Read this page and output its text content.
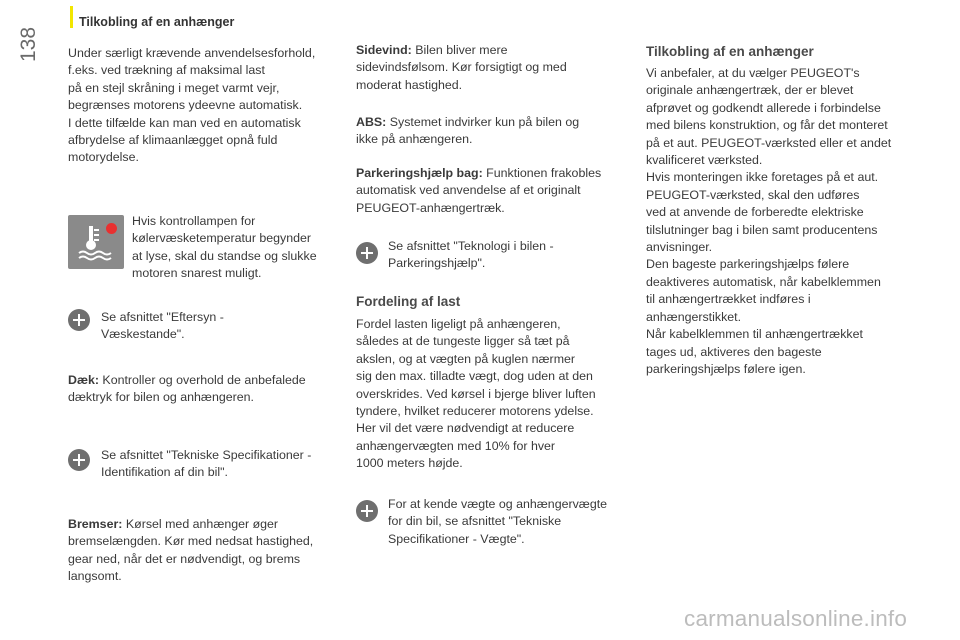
Tilkobling af en anhænger
138 Under særligt krævende anvendelsesforhold,
f.eks. ved trækning af maksimal last
på en stejl skråning i meget varmt vejr,
begrænses motorens ydeevne automatisk.
I dette tilfælde kan man ved en automatisk
afbrydelse af klimaanlægget opnå fuld
motorydelse.

Hvis kontrollampen for
kølervæsketemperatur begynder
at lyse, skal du standse og slukke
motoren snarest muligt.

Se afsnittet "Eftersyn -
Væskestande".

Dæk: Kontroller og overhold de anbefalede
dæktryk for bilen og anhængeren.

Se afsnittet "Tekniske Specifikationer -
Identifikation af din bil".

Bremser: Kørsel med anhænger øger
bremselængden. Kør med nedsat hastighed,
gear ned, når det er nødvendigt, og brems
langsomt.

Sidevind: Bilen bliver mere
sidevindsfølsom. Kør forsigtigt og med
moderat hastighed.

ABS: Systemet indvirker kun på bilen og
ikke på anhængeren.

Parkeringshjælp bag: Funktionen frakobles
automatisk ved anvendelse af et originalt
PEUGEOT-anhængertræk.

Se afsnittet "Teknologi i bilen -
Parkeringshjælp".

Fordeling af last

Fordel lasten ligeligt på anhængeren,
således at de tungeste ligger så tæt på
akslen, og at vægten på kuglen nærmer
sig den max. tilladte vægt, dog uden at den
overskrides. Ved kørsel i bjerge bliver luften
tyndere, hvilket reducerer motorens ydelse.
Her vil det være nødvendigt at reducere
anhængervægten med 10% for hver
1000 meters højde.

For at kende vægte og anhængervægte
for din bil, se afsnittet "Tekniske
Specifikationer - Vægte".

Tilkobling af en anhænger

Vi anbefaler, at du vælger PEUGEOT's
originale anhængertræk, der er blevet
afprøvet og godkendt allerede i forbindelse
med bilens konstruktion, og får det monteret
på et aut. PEUGEOT-værksted eller et andet
kvalificeret værksted.
Hvis monteringen ikke foretages på et aut.
PEUGEOT-værksted, skal den udføres
ved at anvende de forberedte elektriske
tilslutninger bag i bilen samt producentens
anvisninger.
Den bageste parkeringshjælps følere
deaktiveres automatisk, når kabelklemmen
til anhængertrækket indføres i
anhængerstikket.
Når kabelklemmen til anhængertrækket
tages ud, aktiveres den bageste
parkeringshjælps følere igen.

carmanualsonline.info
